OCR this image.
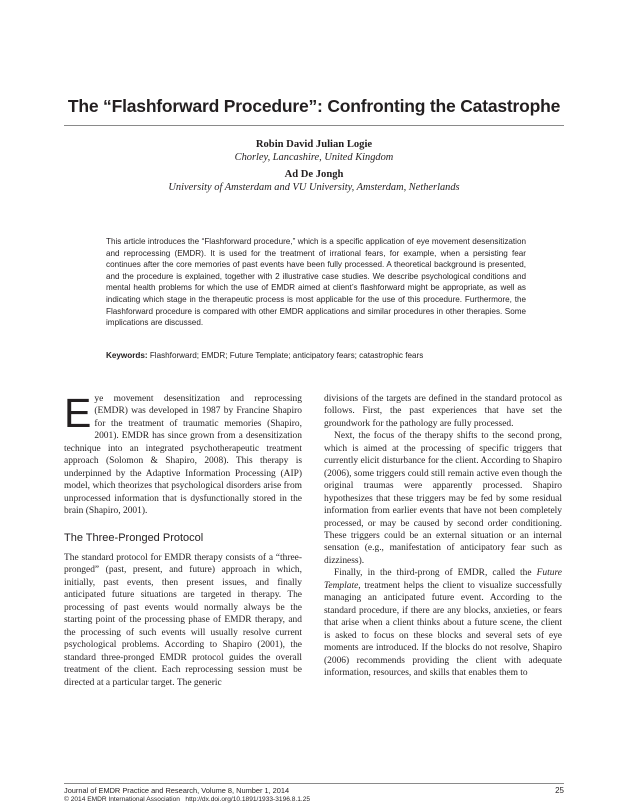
The “Flashforward Procedure”: Confronting the Catastrophe
Robin David Julian Logie
Chorley, Lancashire, United Kingdom
Ad De Jongh
University of Amsterdam and VU University, Amsterdam, Netherlands
This article introduces the “Flashforward procedure,” which is a specific application of eye movement desensitization and reprocessing (EMDR). It is used for the treatment of irrational fears, for example, when a persisting fear continues after the core memories of past events have been fully processed. A theoretical background is presented, and the procedure is explained, together with 2 illustrative case studies. We describe psychological conditions and mental health problems for which the use of EMDR aimed at client’s flashforward might be appropriate, as well as indicating which stage in the therapeutic process is most applicable for the use of this procedure. Furthermore, the Flashforward procedure is compared with other EMDR applications and similar procedures in other therapies. Some implications are discussed.
Keywords: Flashforward; EMDR; Future Template; anticipatory fears; catastrophic fears

Eye movement desensitization and reprocessing (EMDR) was developed in 1987 by Francine Shapiro for the treatment of traumatic memories (Shapiro, 2001). EMDR has since grown from a desensitization technique into an integrated psychotherapeutic treatment approach (Solomon & Shapiro, 2008). This therapy is underpinned by the Adaptive Information Processing (AIP) model, which theorizes that psychological disorders arise from unprocessed information that is dysfunctionally stored in the brain (Shapiro, 2001).

The Three-Pronged Protocol

The standard protocol for EMDR therapy consists of a “three-pronged” (past, present, and future) approach in which, initially, past events, then present issues, and finally anticipated future situations are targeted in therapy. The processing of past events would normally always be the starting point of the processing phase of EMDR therapy, and the processing of such events will usually resolve current psychological problems. According to Shapiro (2001), the standard three-pronged EMDR protocol guides the overall treatment of the client. Each reprocessing session must be directed at a particular target. The generic

divisions of the targets are defined in the standard protocol as follows. First, the past experiences that have set the groundwork for the pathology are fully processed.

Next, the focus of the therapy shifts to the second prong, which is aimed at the processing of specific triggers that currently elicit disturbance for the client. According to Shapiro (2006), some triggers could still remain active even though the original traumas were apparently processed. Shapiro hypothesizes that these triggers may be fed by some residual information from earlier events that have not been completely processed, or may be caused by second order conditioning. These triggers could be an external situation or an internal sensation (e.g., manifestation of anticipatory fear such as dizziness).

Finally, in the third-prong of EMDR, called the Future Template, treatment helps the client to visualize successfully managing an anticipated future event. According to the standard procedure, if there are any blocks, anxieties, or fears that arise when a client thinks about a future scene, the client is asked to focus on these blocks and several sets of eye moments are introduced. If the blocks do not resolve, Shapiro (2006) recommends providing the client with adequate information, resources, and skills that enables them to

Journal of EMDR Practice and Research, Volume 8, Number 1, 2014	25
© 2014 EMDR International Association http://dx.doi.org/10.1891/1933-3196.8.1.25
